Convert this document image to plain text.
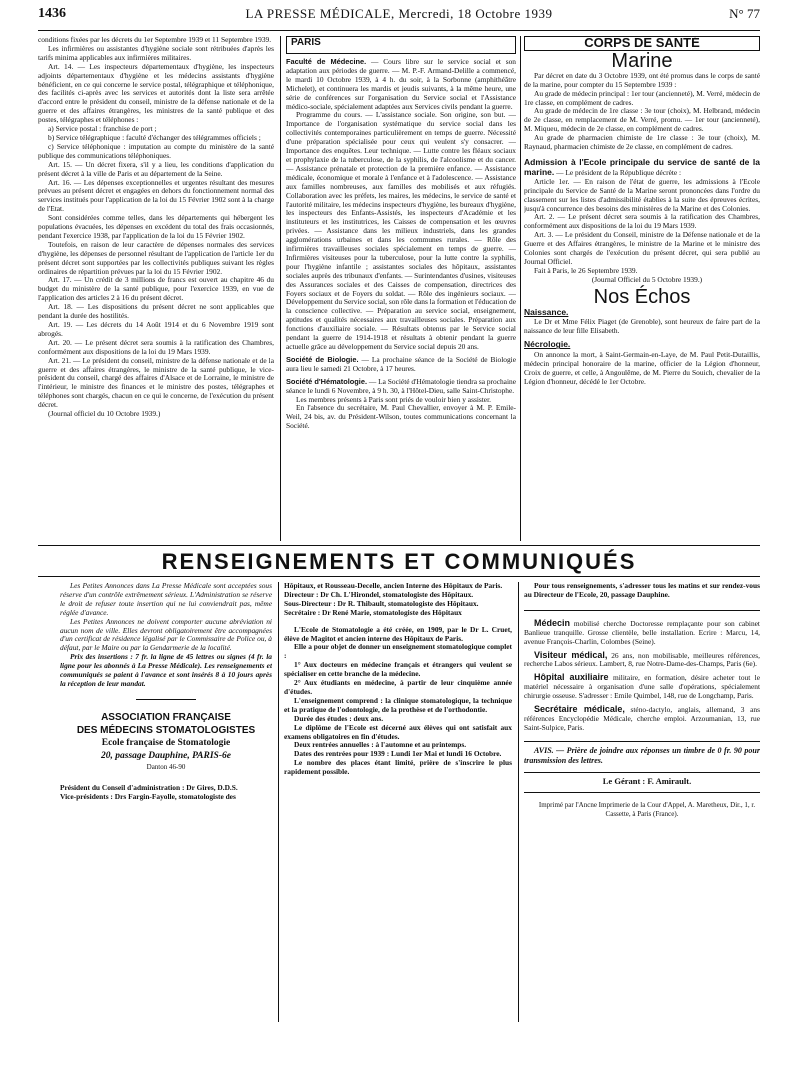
1436	LA PRESSE MÉDICALE, Mercredi, 18 Octobre 1939	N° 77

conditions fixées par les décrets du 1er Septembre 1939 et 11 Septembre 1939.

Les infirmières ou assistantes d'hygiène sociale sont rétribuées d'après les tarifs minima applicables aux infirmières militaires.

Art. 14. — Les inspecteurs départementaux d'hygiène, les inspecteurs adjoints départementaux d'hygiène et les médecins assistants d'hygiène bénéficient, en ce qui concerne le service postal, télégraphique et téléphonique, des facilités ci-après avec les services et autorités dont la liste sera arrêtée d'accord entre le président du conseil, ministre de la défense nationale et de la guerre et des affaires étrangères, les ministres de la santé publique et des postes, télégraphes et téléphones :

a) Service postal : franchise de port ;

b) Service télégraphique : faculté d'échanger des télégrammes officiels ;

c) Service téléphonique : imputation au compte du ministère de la santé publique des communications téléphoniques.

Art. 15. — Un décret fixera, s'il y a lieu, les conditions d'application du présent décret à la ville de Paris et au département de la Seine.

Art. 16. — Les dépenses exceptionnelles et urgentes résultant des mesures prévues au présent décret et engagées en dehors du fonctionnement normal des services institués pour l'application de la loi du 15 Février 1902 sont à la charge de l'Etat.

Sont considérées comme telles, dans les départements qui hébergent les populations évacuées, les dépenses en excédent du total des frais occasionnés, pendant l'exercice 1938, par l'application de la loi du 15 Février 1902.

Toutefois, en raison de leur caractère de dépenses normales des services d'hygiène, les dépenses de personnel résultant de l'application de l'article 1er du présent décret sont supportées par les collectivités publiques suivant les règles ordinaires de répartition prévues par la loi du 15 Février 1902.

Art. 17. — Un crédit de 3 millions de francs est ouvert au chapitre 46 du budget du ministère de la santé publique, pour l'exercice 1939, en vue de l'application des articles 2 à 16 du présent décret.

Art. 18. — Les dispositions du présent décret ne sont applicables que pendant la durée des hostilités.

Art. 19. — Les décrets du 14 Août 1914 et du 6 Novembre 1919 sont abrogés.

Art. 20. — Le présent décret sera soumis à la ratification des Chambres, conformément aux dispositions de la loi du 19 Mars 1939.

Art. 21. — Le président du conseil, ministre de la défense nationale et de la guerre et des affaires étrangères, le ministre de la santé publique, le vice-président du conseil, chargé des affaires d'Alsace et de Lorraine, le ministre de l'intérieur, le ministre des finances et le ministre des postes, télégraphes et téléphones sont chargés, chacun en ce qui le concerne, de l'exécution du présent décret.

(Journal officiel du 10 Octobre 1939.)

PARIS

Faculté de Médecine. — Cours libre sur le service social et son adaptation aux périodes de guerre. — M. P.-F. Armand-Delille a commencé, le mardi 10 Octobre 1939, à 4 h. du soir, à la Sorbonne (amphithéâtre Michelet), et continuera les mardis et jeudis suivants, à la même heure, une série de conférences sur l'organisation du Service social et l'Assistance médico-sociale, spécialement adaptées aux Services civils pendant la guerre.

Programme du cours. — L'assistance sociale. Son origine, son but. — Importance de l'organisation systématique du service social dans les collectivités contemporaines particulièrement en temps de guerre. Nécessité d'une préparation spécialisée pour ceux qui veulent s'y consacrer. — Importance des enquêtes. Leur technique. — Lutte contre les fléaux sociaux et prophylaxie de la tuberculose, de la syphilis, de l'alcoolisme et du cancer. — Assistance prénatale et protection de la première enfance. — Assistance médicale, économique et morale à l'enfance et à l'adolescence. — Assistance aux familles nombreuses, aux familles des mobilisés et aux réfugiés. Collaboration avec les préfets, les maires, les médecins, le service de santé et l'autorité militaire, les médecins inspecteurs d'hygiène, les bureaux d'hygiène, les inspecteurs des Enfants-Assistés, les inspecteurs d'Académie et les instituteurs et les institutrices, les Caisses de compensation et les œuvres privées. — Assistance dans les milieux industriels, dans les grandes agglomérations urbaines et dans les communes rurales. — Rôle des infirmières travailleuses sociales spécialement en temps de guerre. — Infirmières visiteuses pour la tuberculose, pour la lutte contre la syphilis, pour l'hygiène infantile ; assistantes sociales des hôpitaux, assistantes sociales auprès des tribunaux d'enfants. — Surintendantes d'usines, visiteuses des Assurances sociales et des Caisses de compensation, directrices des Foyers sociaux et de Foyers du soldat. — Rôle des ingénieurs sociaux. — Développement du Service social, son rôle dans la formation et l'éducation de la conscience collective. — Préparation au service social, enseignement, aptitudes et qualités nécessaires aux travailleuses sociales. Préparation aux fonctions d'auxiliaire sociale. — Résultats obtenus par le Service social pendant la guerre de 1914-1918 et résultats à obtenir pendant la guerre actuelle grâce au développement du Service social depuis 20 ans.

Société de Biologie. — La prochaine séance de la Société de Biologie aura lieu le samedi 21 Octobre, à 17 heures.

Société d'Hématologie. — La Société d'Hématologie tiendra sa prochaine séance le lundi 6 Novembre, à 9 h. 30, à l'Hôtel-Dieu, salle Saint-Christophe.

Les membres présents à Paris sont priés de vouloir bien y assister.

En l'absence du secrétaire, M. Paul Chevallier, envoyer à M. P. Emile-Weil, 24 bis, av. du Président-Wilson, toutes communications concernant la Société.

CORPS DE SANTÉ
Marine

Par décret en date du 3 Octobre 1939, ont été promus dans le corps de santé de la marine, pour compter du 15 Septembre 1939 :

Au grade de médecin principal : 1er tour (ancienneté), M. Verré, médecin de 1re classe, en complément de cadres.

Au grade de médecin de 1re classe : 3e tour (choix), M. Helbrand, médecin de 2e classe, en remplacement de M. Verré, promu. — 1er tour (ancienneté), M. Miqueu, médecin de 2e classe, en complément de cadres.

Au grade de pharmacien chimiste de 1re classe : 3e tour (choix), M. Raynaud, pharmacien chimiste de 2e classe, en complément de cadres.

Admission à l'Ecole principale du service de santé de la marine. — Le président de la République décrète :

Article 1er. — En raison de l'état de guerre, les admissions à l'Ecole principale du Service de Santé de la Marine seront prononcées dans l'ordre du classement sur les listes d'admissibilité établies à la suite des épreuves écrites, jusqu'à concurrence des besoins des ministères de la Marine et des Colonies.

Art. 2. — Le présent décret sera soumis à la ratification des Chambres, conformément aux dispositions de la loi du 19 Mars 1939.

Art. 3. — Le président du Conseil, ministre de la Défense nationale et de la Guerre et des Affaires étrangères, le ministre de la Marine et le ministre des Colonies sont chargés de l'exécution du présent décret, qui sera publié au Journal Officiel.

Fait à Paris, le 26 Septembre 1939.

(Journal Officiel du 5 Octobre 1939.)

Nos Échos
Naissance.

Le Dr et Mme Félix Piaget (de Grenoble), sont heureux de faire part de la naissance de leur fille Elisabeth.

Nécrologie.

On annonce la mort, à Saint-Germain-en-Laye, de M. Paul Petit-Dutaillis, médecin principal honoraire de la marine, officier de la Légion d'honneur, Croix de guerre, et celle, à Angoulême, de M. Pierre du Souich, chevalier de la Légion d'honneur, décédé le 1er Octobre.

RENSEIGNEMENTS ET COMMUNIQUÉS

Les Petites Annonces dans La Presse Médicale sont acceptées sous réserve d'un contrôle extrêmement sérieux. L'Administration se réserve le droit de refuser toute insertion qui ne lui conviendrait pas, même réglée d'avance.

Les Petites Annonces ne doivent comporter aucune abréviation ni aucun nom de ville. Elles devront obligatoirement être accompagnées d'un certificat de résidence légalisé par le Commissaire de Police ou, à défaut, par le Maire ou par la Gendarmerie de la localité.

Prix des insertions : 7 fr. la ligne de 45 lettres ou signes (4 fr. la ligne pour les abonnés à La Presse Médicale). Les renseignements et communiqués se paient à l'avance et sont insérés 8 à 10 jours après la réception de leur mandat.

ASSOCIATION FRANÇAISE
DES MÉDECINS STOMATOLOGISTES
Ecole française de Stomatologie
20, passage Dauphine, PARIS-6e
Danton 46-90

Président du Conseil d'administration : Dr Gires, D.D.S.

Vice-présidents : Drs Fargin-Fayolle, stomatologiste des

Hôpitaux, et Rousseau-Decelle, ancien Interne des Hôpitaux de Paris.

Directeur : Dr Ch. L'Hirondel, stomatologiste des Hôpitaux.

Sous-Directeur : Dr R. Thibault, stomatologiste des Hôpitaux.

Secrétaire : Dr René Marie, stomatologiste des Hôpitaux

L'Ecole de Stomatologie a été créée, en 1909, par le Dr L. Cruet, élève de Magitot et ancien interne des Hôpitaux de Paris.

Elle a pour objet de donner un enseignement stomatologique complet :

1° Aux docteurs en médecine français et étrangers qui veulent se spécialiser en cette branche de la médecine.

2° Aux étudiants en médecine, à partir de leur cinquième année d'études.

L'enseignement comprend : la clinique stomatologique, la technique et la pratique de l'odontologie, de la prothèse et de l'orthodontie.

Durée des études : deux ans.

Le diplôme de l'Ecole est décerné aux élèves qui ont satisfait aux examens obligatoires en fin d'études.

Deux rentrées annuelles : à l'automne et au printemps.

Dates des rentrées pour 1939 : Lundi 1er Mai et lundi 16 Octobre.

Le nombre des places étant limité, prière de s'inscrire le plus rapidement possible.

Pour tous renseignements, s'adresser tous les matins et sur rendez-vous au Directeur de l'Ecole, 20, passage Dauphine.

Médecin mobilisé cherche Doctoresse remplaçante pour son cabinet Banlieue tranquille. Grosse clientèle, belle installation. Ecrire : Marcu, 14, avenue François-Charlin, Colombes (Seine).

Visiteur médical, 26 ans, non mobilisable, meilleures références, recherche Labos sérieux. Lambert, 8, rue Notre-Dame-des-Champs, Paris (6e).

Hôpital auxiliaire militaire, en formation, désire acheter tout le matériel nécessaire à organisation d'une salle d'opérations, spécialement chirurgie osseuse. S'adresser : Emile Quimbel, 148, rue de Longchamp, Paris.

Secrétaire médicale, sténo-dactylo, anglais, allemand, 3 ans références Encyclopédie Médicale, cherche emploi. Arzoumanian, 13, rue Saint-Sulpice, Paris.

AVIS. — Prière de joindre aux réponses un timbre de 0 fr. 90 pour transmission des lettres.

Le Gérant : F. Amirault.

Imprimé par l'Ancne Imprimerie de la Cour d'Appel, A. Maretheux, Dir., 1, r. Cassette, à Paris (France).
